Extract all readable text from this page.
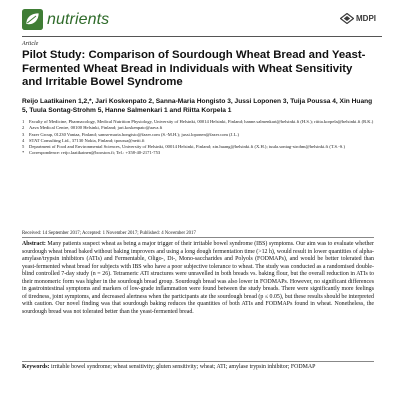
nutrients	MDPI
Article
Pilot Study: Comparison of Sourdough Wheat Bread and Yeast-Fermented Wheat Bread in Individuals with Wheat Sensitivity and Irritable Bowel Syndrome
Reijo Laatikainen 1,2,*, Jari Koskenpato 2, Sanna-Maria Hongisto 3, Jussi Loponen 3, Tuija Poussa 4, Xin Huang 5, Tuula Sontag-Strohm 5, Hanne Salmenkari 1 and Riitta Korpela 1
1	Faculty of Medicine, Pharmacology, Medical Nutrition Physiology, University of Helsinki, 00014 Helsinki, Finland; hanne.salmenkari@helsinki.fi (H.S.); riitta.korpela@helsinki.fi (R.K.)
2	Aava Medical Centre, 00100 Helsinki, Finland; jari.koskenpato@aava.fi
3	Fazer Group, 01230 Vantaa, Finland; sanna-maria.hongisto@fazer.com (S.-M.H.); jussi.loponen@fazer.com (J.L.)
4	STAT Consulting Ltd., 37130 Nokia, Finland; tpoussa@netti.fi
5	Department of Food and Environmental Sciences, University of Helsinki, 00014 Helsinki, Finland; xin.huang@helsinki.fi (X.H.); tuula.sontag-strohm@helsinki.fi (T.S.-S.)
*	Correspondence: reijo.laatikainen@booston.fi; Tel.: +358-40-2171-753
Received: 14 September 2017; Accepted: 1 November 2017; Published: 4 November 2017

Abstract: Many patients suspect wheat as being a major trigger of their irritable bowel syndrome (IBS) symptoms. Our aim was to evaluate whether sourdough wheat bread baked without baking improvers and using a long dough fermentation time (>12 h), would result in lower quantities of alpha-amylase/trypsin inhibitors (ATIs) and Fermentable, Oligo-, Di-, Mono-saccharides and Polyols (FODMAPs), and would be better tolerated than yeast-fermented wheat bread for subjects with IBS who have a poor subjective tolerance to wheat. The study was conducted as a randomised double-blind controlled 7-day study (n = 26). Tetrameric ATI structures were unravelled in both breads vs. baking flour, but the overall reduction in ATIs to their monomeric form was higher in the sourdough bread group. Sourdough bread was also lower in FODMAPs. However, no significant differences in gastrointestinal symptoms and markers of low-grade inflammation were found between the study breads. There were significantly more feelings of tiredness, joint symptoms, and decreased alertness when the participants ate the sourdough bread (p ≤ 0.05), but these results should be interpreted with caution. Our novel finding was that sourdough baking reduces the quantities of both ATIs and FODMAPs found in wheat. Nonetheless, the sourdough bread was not tolerated better than the yeast-fermented bread.

Keywords: irritable bowel syndrome; wheat sensitivity; gluten sensitivity; wheat; ATI; amylase trypsin inhibitor; FODMAP
